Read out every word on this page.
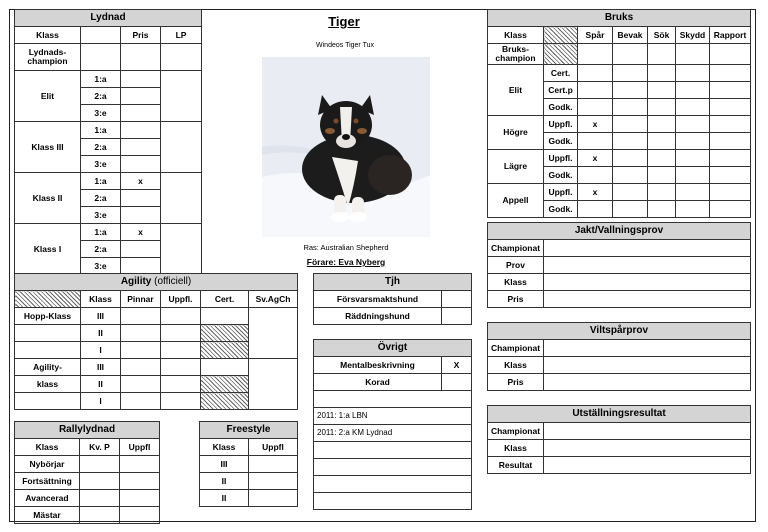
Lydnad			
Klass		Pris	LP
Lydnads-champion			
Elit	1:a		
	2:a		
	3:e		
Klass III	1:a		
	2:a		
	3:e		
Klass II	1:a	x	
	2:a		
	3:e		
Klass I	1:a	x	
	2:a		
	3:e		
Tiger
Windeos Tiger Tux
Ras: Australian Shepherd
Förare: Eva Nyberg
Bruks						
Klass		Spår	Bevak	Sök	Skydd	Rapport
Bruks-champion						
Elit	Cert.					
	Cert.p					
	Godk.					
Högre	Uppfl.	x				
	Godk.					
Lägre	Uppfl.	x				
	Godk.					
Appell	Uppfl.	x				
	Godk.					
Jakt/Vallningsprov	
Championat	
Prov	
Klass	
Pris	
Viltspårprov	
Championat	
Klass	
Pris	
Utställningsresultat	
Championat	
Klass	
Resultat	
Agility (officiell)					
	Klass	Pinnar	Uppfl.	Cert.	Sv.AgCh
Hopp-Klass	III				
	II				
	I				
Agility-	III				
klass	II				
	I				
Tjh	
Försvarsmaktshund	
Räddningshund	
Övrigt	
Mentalbeskrivning	X
Korad	

2011: 1:a LBN	
2011: 2:a KM Lydnad	

Rallylydnad		
Klass	Kv. P	Uppfl
Nybörjar		
Fortsättning		
Avancerad		
Mästar		
Freestyle	
Klass	Uppfl
III	
II	
II	
